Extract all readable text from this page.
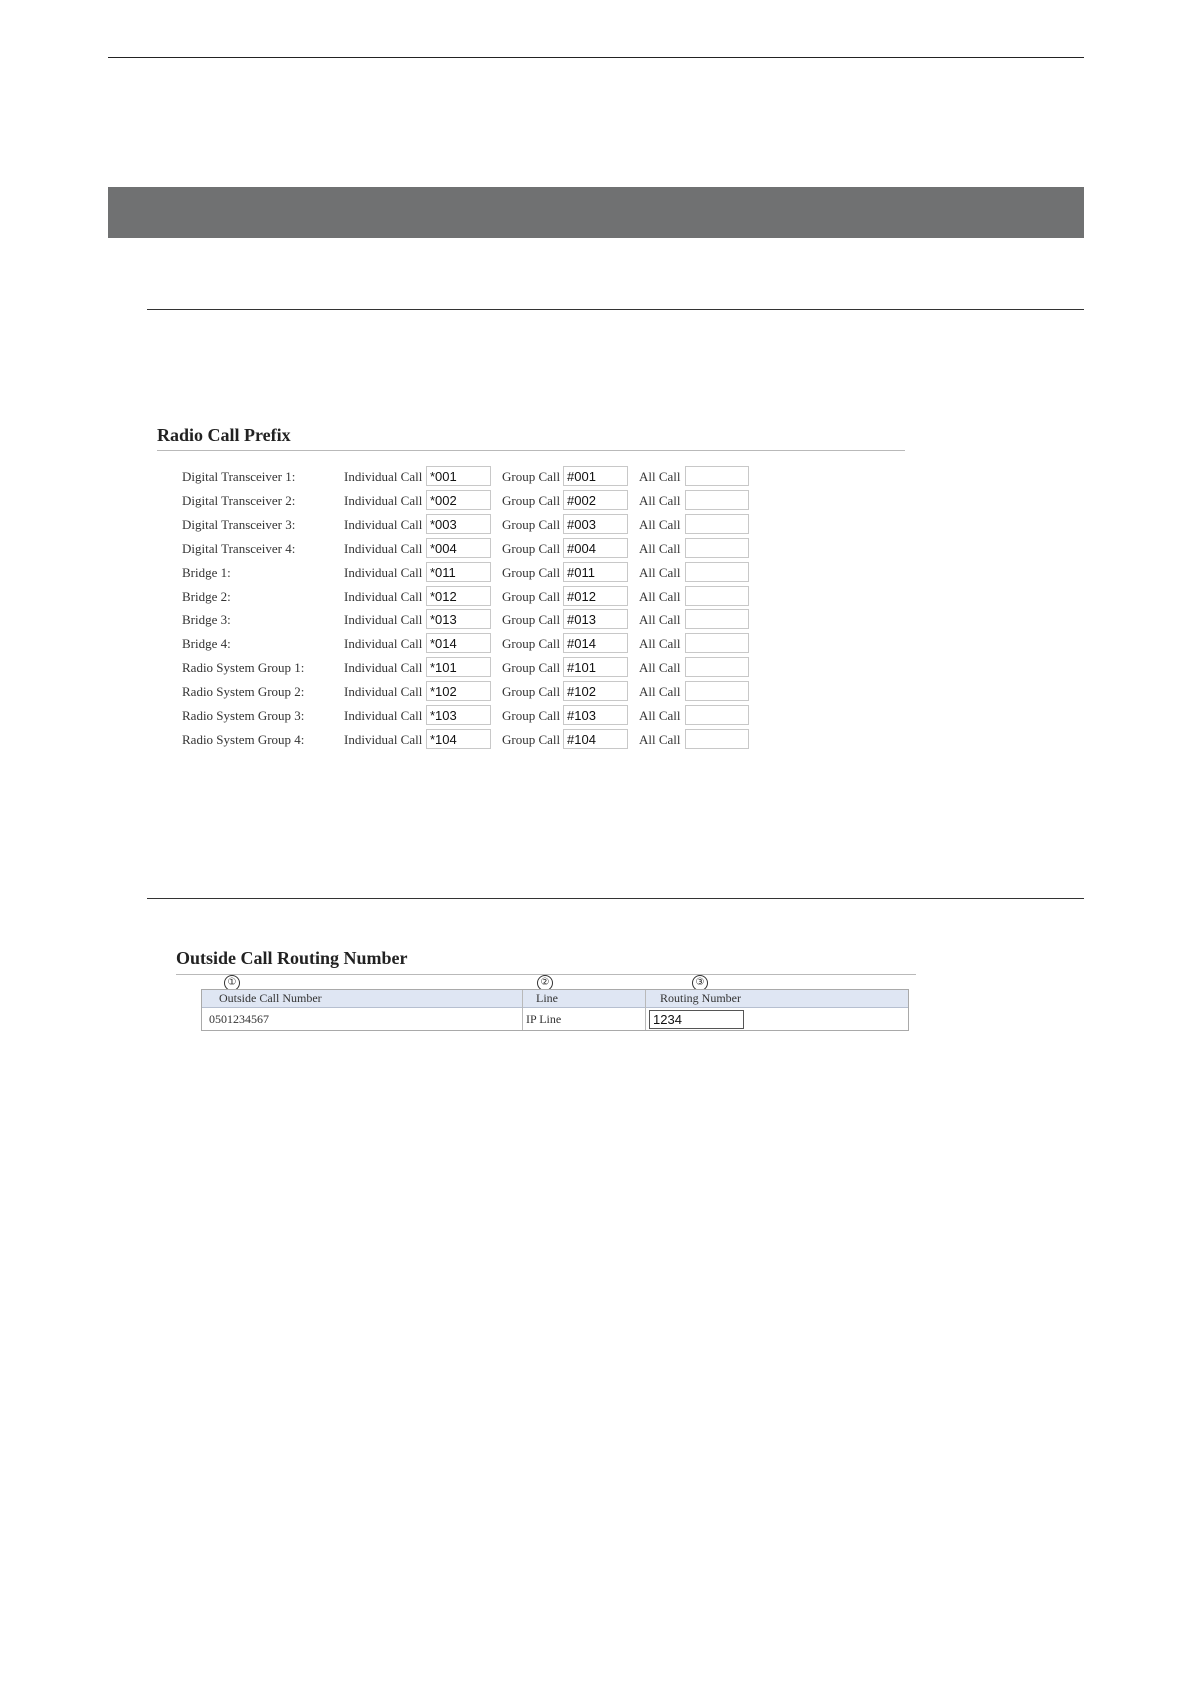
Radio Call Prefix
Digital Transceiver 1:	Individual Call *001	Group Call #001	All Call
Digital Transceiver 2:	Individual Call *002	Group Call #002	All Call
Digital Transceiver 3:	Individual Call *003	Group Call #003	All Call
Digital Transceiver 4:	Individual Call *004	Group Call #004	All Call
Bridge 1:	Individual Call *011	Group Call #011	All Call
Bridge 2:	Individual Call *012	Group Call #012	All Call
Bridge 3:	Individual Call *013	Group Call #013	All Call
Bridge 4:	Individual Call *014	Group Call #014	All Call
Radio System Group 1:	Individual Call *101	Group Call #101	All Call
Radio System Group 2:	Individual Call *102	Group Call #102	All Call
Radio System Group 3:	Individual Call *103	Group Call #103	All Call
Radio System Group 4:	Individual Call *104	Group Call #104	All Call
Outside Call Routing Number
①	②	③
Outside Call Number	Line	Routing Number
0501234567	IP Line	1234
